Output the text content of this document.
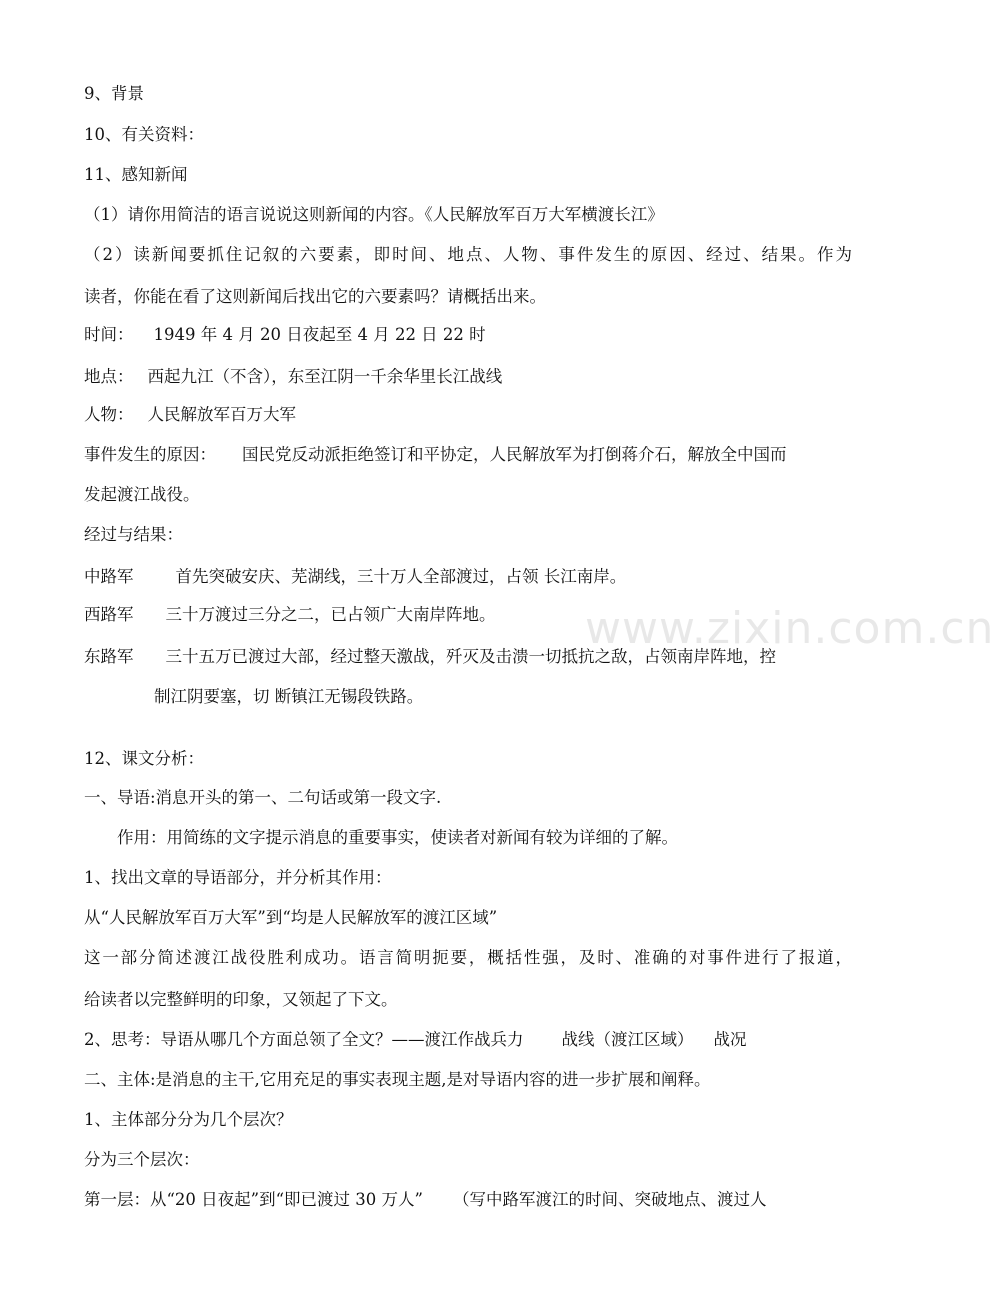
www.zixin.com.cn
9、背景
10、有关资料：
11、感知新闻
（1）请你用简洁的语言说说这则新闻的内容。《人民解放军百万大军横渡长江》
（2）读新闻要抓住记叙的六要素，即时间、地点、人物、事件发生的原因、经过、结果。作为
读者，你能在看了这则新闻后找出它的六要素吗？请概括出来。
时间： 1949 年 4 月 20 日夜起至 4 月 22 日 22 时
地点： 西起九江（不含），东至江阴一千余华里长江战线
人物： 人民解放军百万大军
事件发生的原因： 国民党反动派拒绝签订和平协定，人民解放军为打倒蒋介石，解放全中国而
发起渡江战役。
经过与结果：
中路军	首先突破安庆、芜湖线，三十万人全部渡过，占领 长江南岸。
西路军 三十万渡过三分之二，已占领广大南岸阵地。
东路军 三十五万已渡过大部，经过整天激战，歼灭及击溃一切抵抗之敌，占领南岸阵地，控
制江阴要塞，切 断镇江无锡段铁路。
12、课文分析：
一、导语:消息开头的第一、二句话或第一段文字.
作用：用简练的文字提示消息的重要事实，使读者对新闻有较为详细的了解。
1、找出文章的导语部分，并分析其作用：
从“人民解放军百万大军”到“均是人民解放军的渡江区域”
这一部分简述渡江战役胜利成功。语言简明扼要，概括性强，及时、准确的对事件进行了报道，
给读者以完整鲜明的印象，又领起了下文。
2、思考：导语从哪几个方面总领了全文？——渡江作战兵力 战线（渡江区域） 战况
二、主体:是消息的主干,它用充足的事实表现主题,是对导语内容的进一步扩展和阐释。
1、主体部分分为几个层次？
分为三个层次：
第一层：从“20 日夜起”到“即已渡过 30 万人” （写中路军渡江的时间、突破地点、渡过人
